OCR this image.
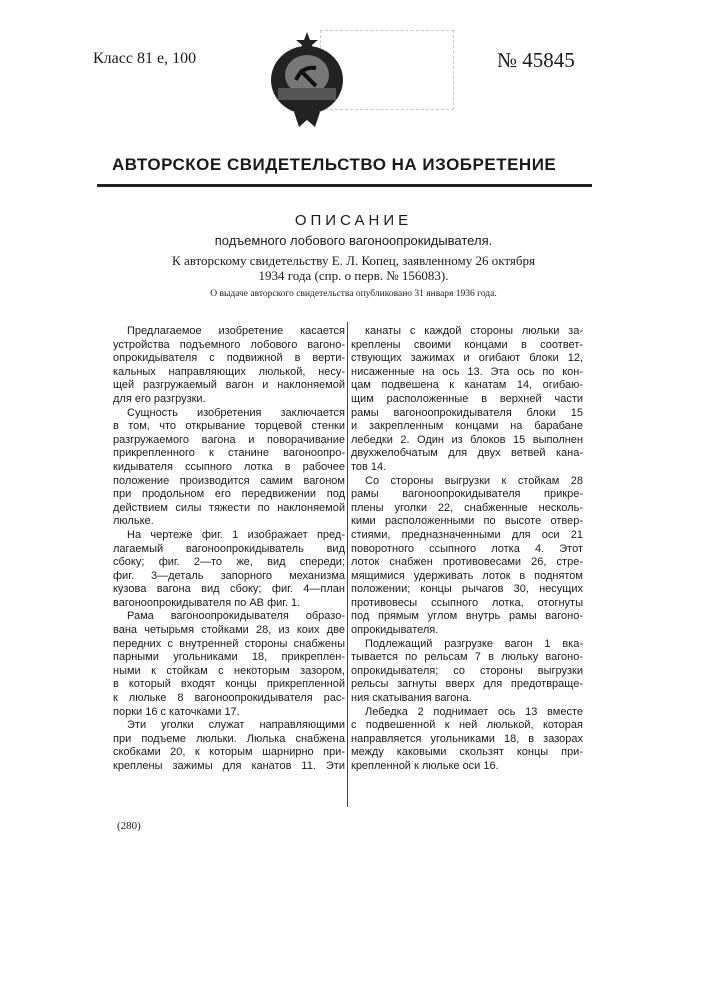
Класс 81 е, 100	№ 45845
АВТОРСКОЕ СВИДЕТЕЛЬСТВО НА ИЗОБРЕТЕНИЕ
ОПИСАНИЕ
подъемного лобового вагоноопрокидывателя.
К авторскому свидетельству Е. Л. Копец, заявленному 26 октября
1934 года (спр. о перв. № 156083).
О выдаче авторского свидетельства опубликовано 31 января 1936 года.
Предлагаемое изобретение касается
устройства подъемного лобового вагоно-
опрокидывателя с подвижной в верти-
кальных направляющих люлькой, несу-
щей разгружаемый вагон и наклоняемой
для его разгрузки.
Сущность изобретения заключается
в том, что открывание торцевой стенки
разгружаемого вагона и поворачивание
прикрепленного к станине вагоноопро-
кидывателя ссыпного лотка в рабочее
положение производится самим вагоном
при продольном его передвижении под
действием силы тяжести по наклоняемой
люльке.
На чертеже фиг. 1 изображает пред-
лагаемый вагоноопрокидыватель вид
сбоку; фиг. 2—то же, вид спереди;
фиг. 3—деталь запорного механизма
кузова вагона вид сбоку; фиг. 4—план
вагоноопрокидывателя по АВ фиг. 1.
Рама вагоноопрокидывателя образо-
вана четырьмя стойками 28, из коих две
передних с внутренней стороны снабжены
парными угольниками 18, прикреплен-
ными к стойкам с некоторым зазором,
в который входят концы прикрепленной
к люльке 8 вагоноопрокидывателя рас-
порки 16 с каточками 17.
Эти уголки служат направляющими
при подъеме люльки. Люлька снабжена
скобками 20, к которым шарнирно при-
креплены зажимы для канатов 11. Эти
канаты с каждой стороны люльки за-
креплены своими концами в соответ-
ствующих зажимах и огибают блоки 12,
нисаженные на ось 13. Эта ось по кон-
цам подвешена к канатам 14, огибаю-
щим расположенные в верхней части
рамы вагоноопрокидывателя блоки 15
и закрепленным концами на барабане
лебедки 2. Один из блоков 15 выполнен
двухжелобчатым для двух ветвей кана-
тов 14.
Со стороны выгрузки к стойкам 28
рамы вагоноопрокидывателя прикре-
плены уголки 22, снабженные несколь-
кими расположенными по высоте отвер-
стиями, предназначенными для оси 21
поворотного ссыпного лотка 4. Этот
лоток снабжен противовесами 26, стре-
мящимися удерживать лоток в поднятом
положении; концы рычагов 30, несущих
противовесы ссыпного лотка, отогнуты
под прямым углом внутрь рамы вагоно-
опрокидывателя.
Подлежащий разгрузке вагон 1 вка-
тывается по рельсам 7 в люльку вагоно-
опрокидывателя; со стороны выгрузки
рельсы загнуты вверх для предотвраще-
ния скатывания вагона.
Лебедка 2 поднимает ось 13 вместе
с подвешенной к ней люлькой, которая
направляется угольниками 18, в зазорах
между каковыми скользят концы при-
крепленной к люльке оси 16.
(280)
